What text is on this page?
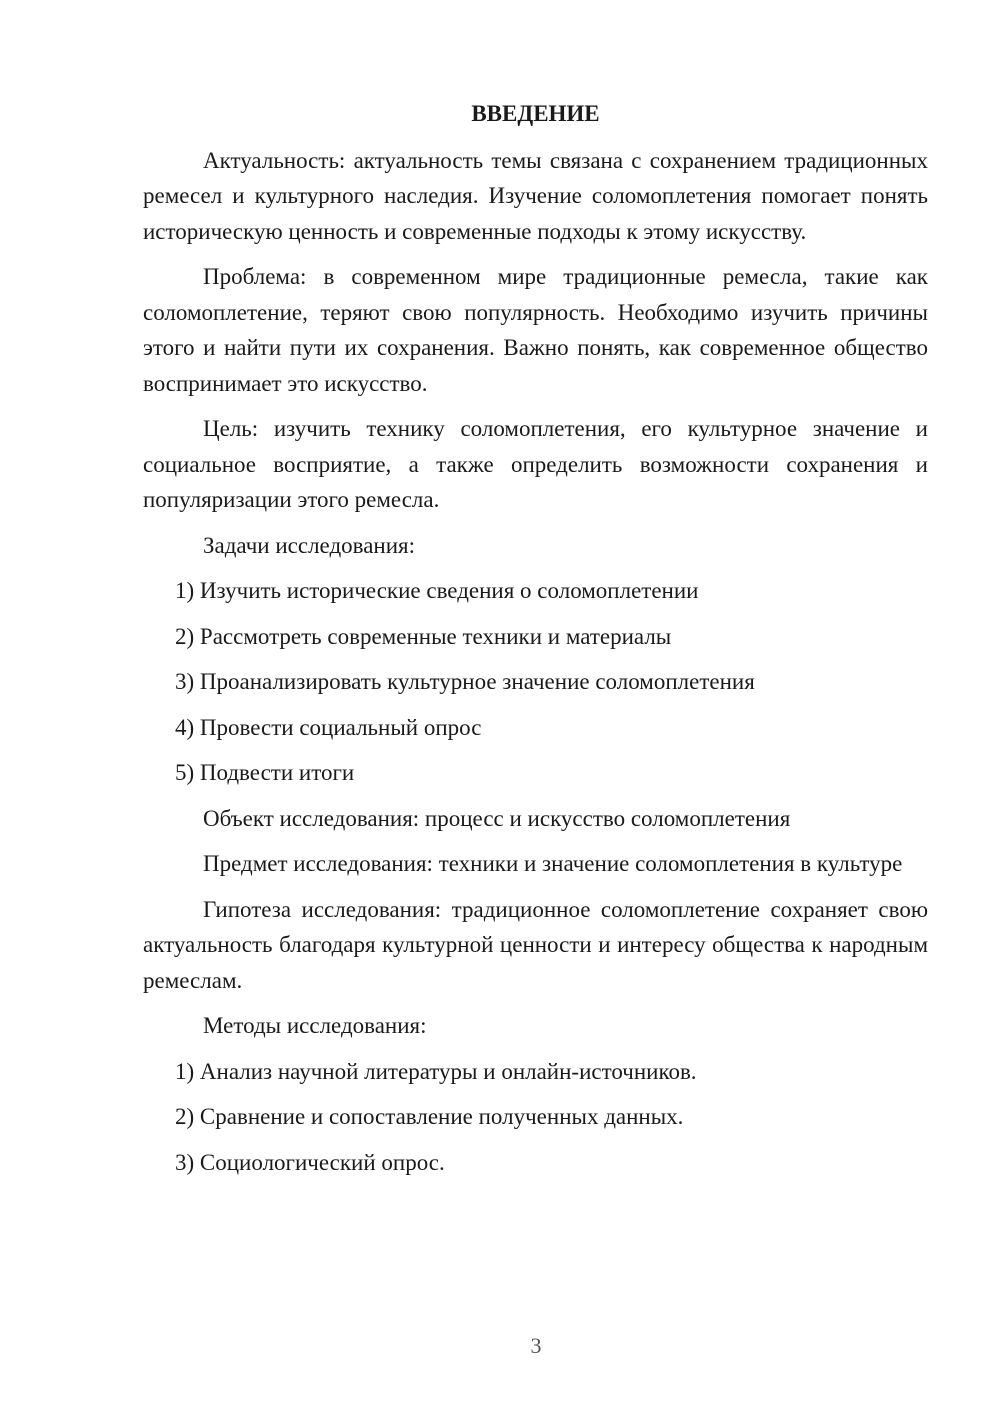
ВВЕДЕНИЕ

Актуальность: актуальность темы связана с сохранением традиционных ремесел и культурного наследия. Изучение соломоплетения помогает понять историческую ценность и современные подходы к этому искусству.

Проблема: в современном мире традиционные ремесла, такие как соломоплетение, теряют свою популярность. Необходимо изучить причины этого и найти пути их сохранения. Важно понять, как современное общество воспринимает это искусство.

Цель: изучить технику соломоплетения, его культурное значение и социальное восприятие, а также определить возможности сохранения и популяризации этого ремесла.

Задачи исследования:

1) Изучить исторические сведения о соломоплетении
2) Рассмотреть современные техники и материалы
3) Проанализировать культурное значение соломоплетения
4) Провести социальный опрос
5) Подвести итоги

Объект исследования: процесс и искусство соломоплетения

Предмет исследования: техники и значение соломоплетения в культуре

Гипотеза исследования: традиционное соломоплетение сохраняет свою актуальность благодаря культурной ценности и интересу общества к народным ремеслам.

Методы исследования:

1) Анализ научной литературы и онлайн-источников.
2) Сравнение и сопоставление полученных данных.
3) Социологический опрос.
3
